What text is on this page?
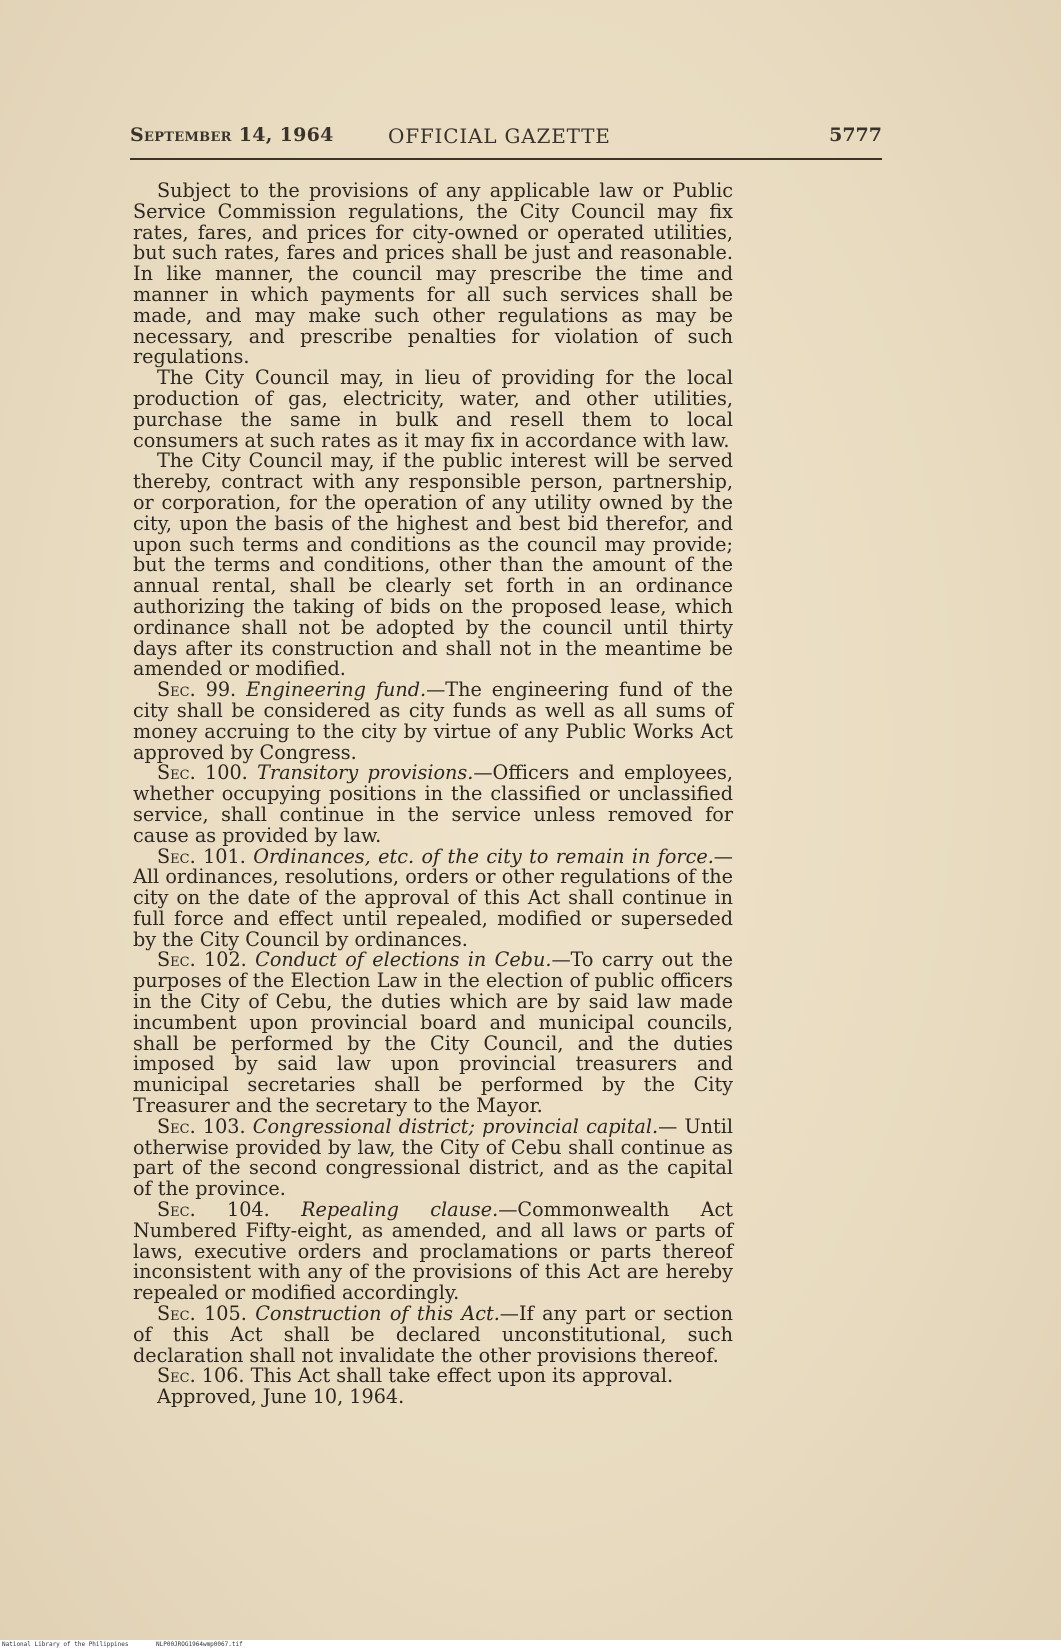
September 14, 1964	OFFICIAL GAZETTE	5777

Subject to the provisions of any applicable law or Public Service Commission regulations, the City Council may fix rates, fares, and prices for city-owned or operated utilities, but such rates, fares and prices shall be just and reasonable. In like manner, the council may prescribe the time and manner in which payments for all such services shall be made, and may make such other regulations as may be necessary, and prescribe penalties for violation of such regulations.

The City Council may, in lieu of providing for the local production of gas, electricity, water, and other utilities, purchase the same in bulk and resell them to local consumers at such rates as it may fix in accordance with law.

The City Council may, if the public interest will be served thereby, contract with any responsible person, partnership, or corporation, for the operation of any utility owned by the city, upon the basis of the highest and best bid therefor, and upon such terms and conditions as the council may provide; but the terms and conditions, other than the amount of the annual rental, shall be clearly set forth in an ordinance authorizing the taking of bids on the proposed lease, which ordinance shall not be adopted by the council until thirty days after its construction and shall not in the meantime be amended or modified.

Sec. 99. Engineering fund.—The engineering fund of the city shall be considered as city funds as well as all sums of money accruing to the city by virtue of any Public Works Act approved by Congress.

Sec. 100. Transitory provisions.—Officers and employees, whether occupying positions in the classified or unclassified service, shall continue in the service unless removed for cause as provided by law.

Sec. 101. Ordinances, etc. of the city to remain in force.— All ordinances, resolutions, orders or other regulations of the city on the date of the approval of this Act shall continue in full force and effect until repealed, modified or superseded by the City Council by ordinances.

Sec. 102. Conduct of elections in Cebu.—To carry out the purposes of the Election Law in the election of public officers in the City of Cebu, the duties which are by said law made incumbent upon provincial board and municipal councils, shall be performed by the City Council, and the duties imposed by said law upon provincial treasurers and municipal secretaries shall be performed by the City Treasurer and the secretary to the Mayor.

Sec. 103. Congressional district; provincial capital.— Until otherwise provided by law, the City of Cebu shall continue as part of the second congressional district, and as the capital of the province.

Sec. 104. Repealing clause.—Commonwealth Act Numbered Fifty-eight, as amended, and all laws or parts of laws, executive orders and proclamations or parts thereof inconsistent with any of the provisions of this Act are hereby repealed or modified accordingly.

Sec. 105. Construction of this Act.—If any part or section of this Act shall be declared unconstitutional, such declaration shall not invalidate the other provisions thereof.

Sec. 106. This Act shall take effect upon its approval.

Approved, June 10, 1964.

National Library of the Philippines	NLP00JROG1964wmp0067.tif
